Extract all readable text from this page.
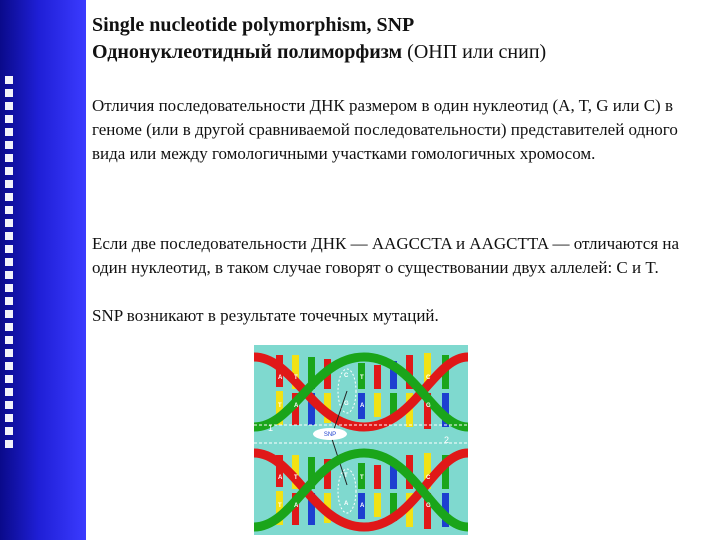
Single nucleotide polymorphism, SNP
Однонуклеотидный полиморфизм (ОНП или снип)

Отличия последовательности ДНК размером в один нуклеотид (A, T, G или C) в геноме (или в другой сравниваемой последовательности) представителей одного вида или между гомологичными участками гомологичных хромосом.

Если две последовательности ДНК — AAGCCTA и AAGCTTA — отличаются на один нуклеотид, в таком случае говорят о существовании двух аллелей: C и T.

SNP возникают в результате точечных мутаций.

A T	C T	C
T A	G A	G
SNP
1
2
A T	T T	C
T A	A A	G
